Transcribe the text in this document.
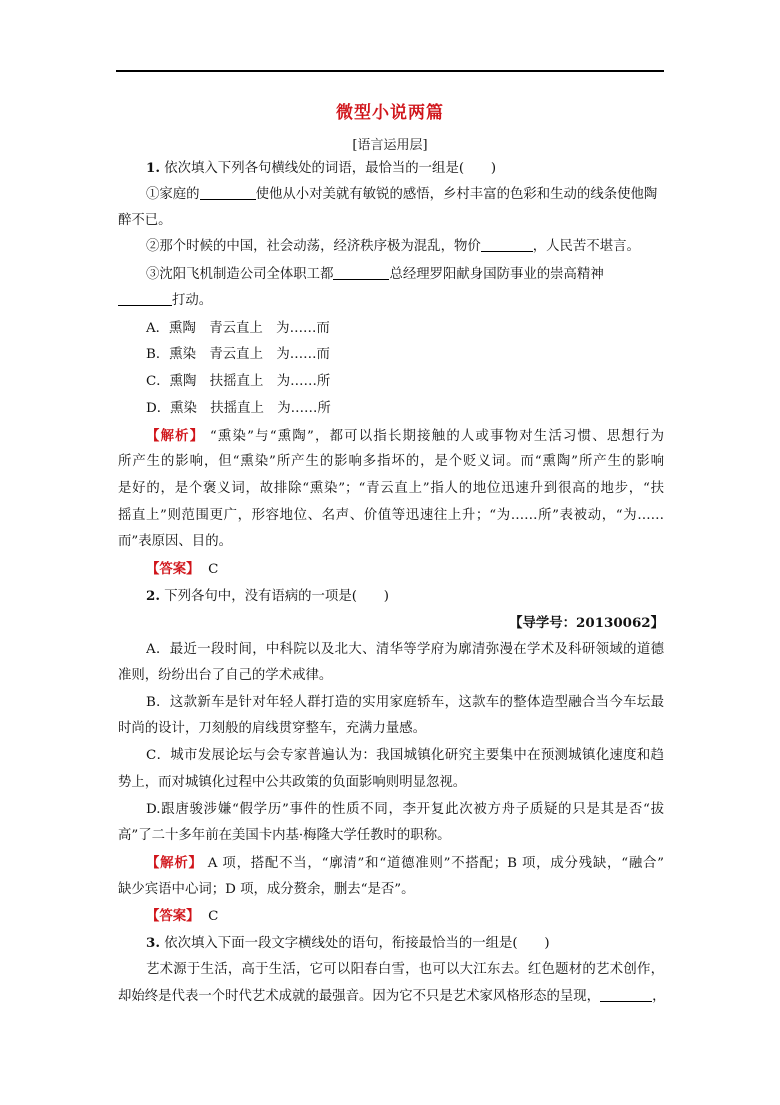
微型小说两篇
[语言运用层]
1. 依次填入下列各句横线处的词语，最恰当的一组是(　　)
①家庭的	使他从小对美就有敏锐的感悟，乡村丰富的色彩和生动的线条使他陶
醉不已。
②那个时候的中国，社会动荡，经济秩序极为混乱，物价	，人民苦不堪言。
③沈阳飞机制造公司全体职工都	总经理罗阳献身国防事业的崇高精神
打动。
A．熏陶　青云直上　为……而
B．熏染　青云直上　为……而
C．熏陶　扶摇直上　为……所
D．熏染　扶摇直上　为……所
【解析】 “熏染”与“熏陶”，都可以指长期接触的人或事物对生活习惯、思想行为
所产生的影响，但“熏染”所产生的影响多指坏的，是个贬义词。而“熏陶”所产生的影响
是好的，是个褒义词，故排除“熏染”；“青云直上”指人的地位迅速升到很高的地步，“扶
摇直上”则范围更广，形容地位、名声、价值等迅速往上升；“为……所”表被动，“为……
而”表原因、目的。
【答案】 C
2. 下列各句中，没有语病的一项是(　　)
【导学号：20130062】
A．最近一段时间，中科院以及北大、清华等学府为廓清弥漫在学术及科研领域的道德
准则，纷纷出台了自己的学术戒律。
B．这款新车是针对年轻人群打造的实用家庭轿车，这款车的整体造型融合当今车坛最
时尚的设计，刀刻般的肩线贯穿整车，充满力量感。
C．城市发展论坛与会专家普遍认为：我国城镇化研究主要集中在预测城镇化速度和趋
势上，而对城镇化过程中公共政策的负面影响则明显忽视。
D.跟唐骏涉嫌“假学历”事件的性质不同，李开复此次被方舟子质疑的只是其是否“拔
高”了二十多年前在美国卡内基·梅隆大学任教时的职称。
【解析】 A 项，搭配不当，“廓清”和“道德准则”不搭配；B 项，成分残缺，“融合”
缺少宾语中心词；D 项，成分赘余，删去“是否”。
【答案】 C
3. 依次填入下面一段文字横线处的语句，衔接最恰当的一组是(　　)
艺术源于生活，高于生活，它可以阳春白雪，也可以大江东去。红色题材的艺术创作，
却始终是代表一个时代艺术成就的最强音。因为它不只是艺术家风格形态的呈现，	，
